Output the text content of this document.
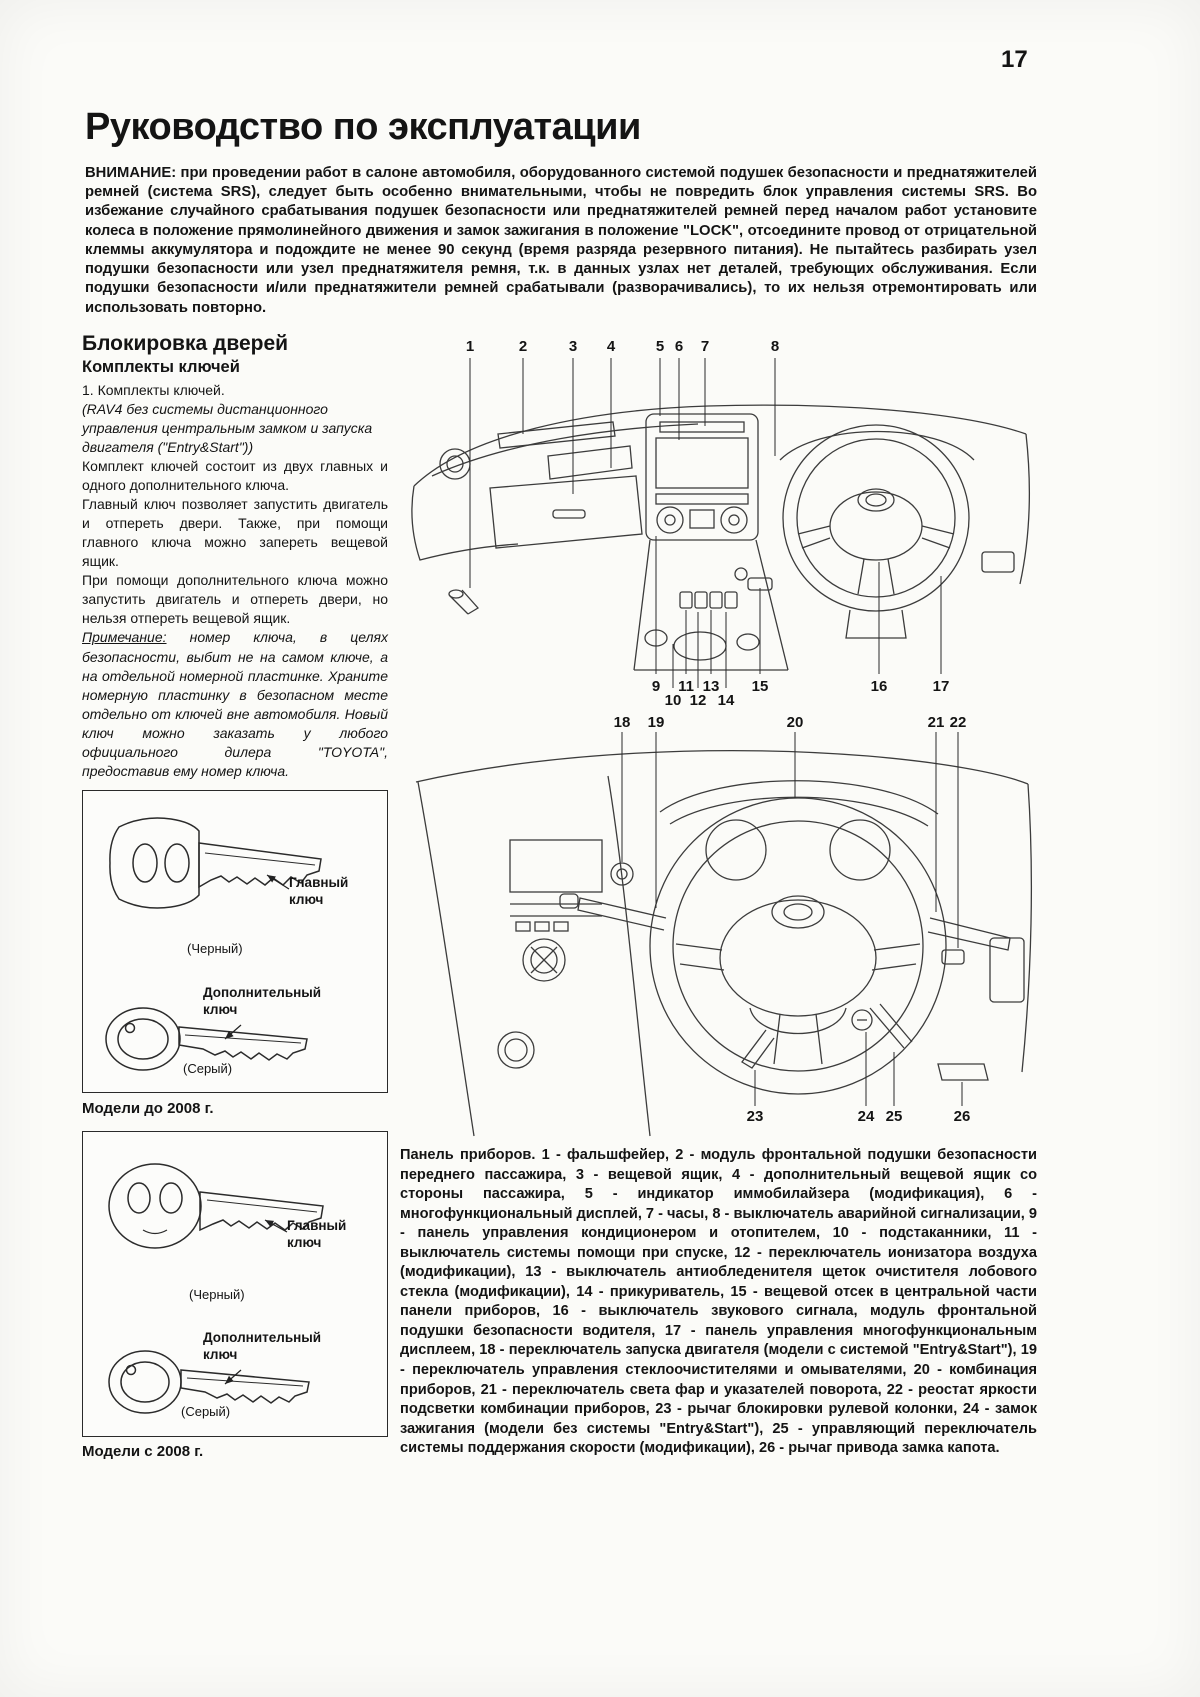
17
Руководство по эксплуатации

ВНИМАНИЕ: при проведении работ в салоне автомобиля, оборудованного системой подушек безопасности и преднатяжителей ремней (система SRS), следует быть особенно внимательными, чтобы не повредить блок управления системы SRS. Во избежание случайного срабатывания подушек безопасности или преднатяжителей ремней перед началом работ установите колеса в положение прямолинейного движения и замок зажигания в положение "LOCK", отсоедините провод от отрицательной клеммы аккумулятора и подождите не менее 90 секунд (время разряда резервного питания). Не пытайтесь разбирать узел подушки безопасности или узел преднатяжителя ремня, т.к. в данных узлах нет деталей, требующих обслуживания. Если подушки безопасности и/или преднатяжители ремней срабатывали (разворачивались), то их нельзя отремонтировать или использовать повторно.

Блокировка дверей
Комплекты ключей

1. Комплекты ключей.

(RAV4 без системы дистанционного управления центральным замком и запуска двигателя ("Entry&Start"))

Комплект ключей состоит из двух главных и одного дополнительного ключа.

Главный ключ позволяет запустить двигатель и отпереть двери. Также, при помощи главного ключа можно запереть вещевой ящик.

При помощи дополнительного ключа можно запустить двигатель и отпереть двери, но нельзя отпереть вещевой ящик.

Примечание: номер ключа, в целях безопасности, выбит не на самом ключе, а на отдельной номерной пластинке. Храните номерную пластинку в безопасном месте отдельно от ключей вне автомобиля. Новый ключ можно заказать у любого официального дилера "TOYOTA", предоставив ему номер ключа.

Главный ключ
(Черный)
Дополнительный ключ
(Серый)
Модели до 2008 г.
Главный ключ
(Черный)
Дополнительный ключ
(Серый)
Модели с 2008 г.
1	2	3 4	5 6 7	8
9
10
11
12
13
14
15	16	17
18 19	20	21 22
23	24 25	26

Панель приборов. 1 - фальшфейер, 2 - модуль фронтальной подушки безопасности переднего пассажира, 3 - вещевой ящик, 4 - дополнительный вещевой ящик со стороны пассажира, 5 - индикатор иммобилайзера (модификация), 6 - многофункциональный дисплей, 7 - часы, 8 - выключатель аварийной сигнализации, 9 - панель управления кондиционером и отопителем, 10 - подстаканники, 11 - выключатель системы помощи при спуске, 12 - переключатель ионизатора воздуха (модификации), 13 - выключатель антиобледенителя щеток очистителя лобового стекла (модификации), 14 - прикуриватель, 15 - вещевой отсек в центральной части панели приборов, 16 - выключатель звукового сигнала, модуль фронтальной подушки безопасности водителя, 17 - панель управления многофункциональным дисплеем, 18 - переключатель запуска двигателя (модели с системой "Entry&Start"), 19 - переключатель управления стеклоочистителями и омывателями, 20 - комбинация приборов, 21 - переключатель света фар и указателей поворота, 22 - реостат яркости подсветки комбинации приборов, 23 - рычаг блокировки рулевой колонки, 24 - замок зажигания (модели без системы "Entry&Start"), 25 - управляющий переключатель системы поддержания скорости (модификации), 26 - рычаг привода замка капота.
